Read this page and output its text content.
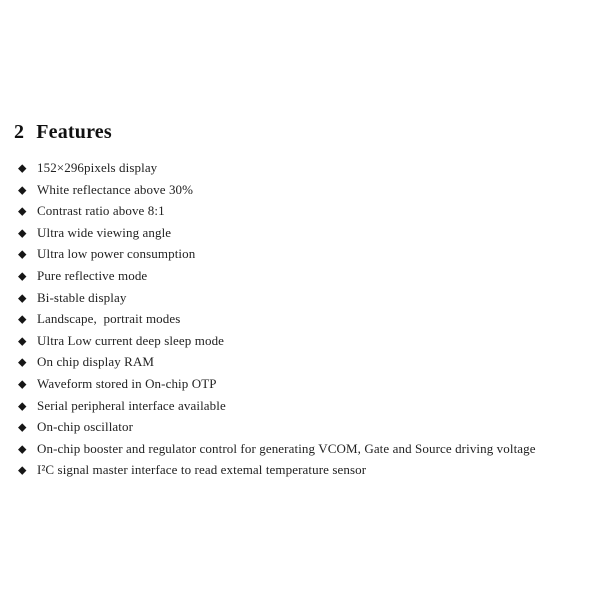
2 Features
◆ 152×296pixels display
◆ White reflectance above 30%
◆ Contrast ratio above 8:1
◆ Ultra wide viewing angle
◆ Ultra low power consumption
◆ Pure reflective mode
◆ Bi-stable display
◆ Landscape,  portrait modes
◆ Ultra Low current deep sleep mode
◆ On chip display RAM
◆ Waveform stored in On-chip OTP
◆ Serial peripheral interface available
◆ On-chip oscillator
◆ On-chip booster and regulator control for generating VCOM, Gate and Source driving voltage
◆ I²C signal master interface to read extemal temperature sensor
